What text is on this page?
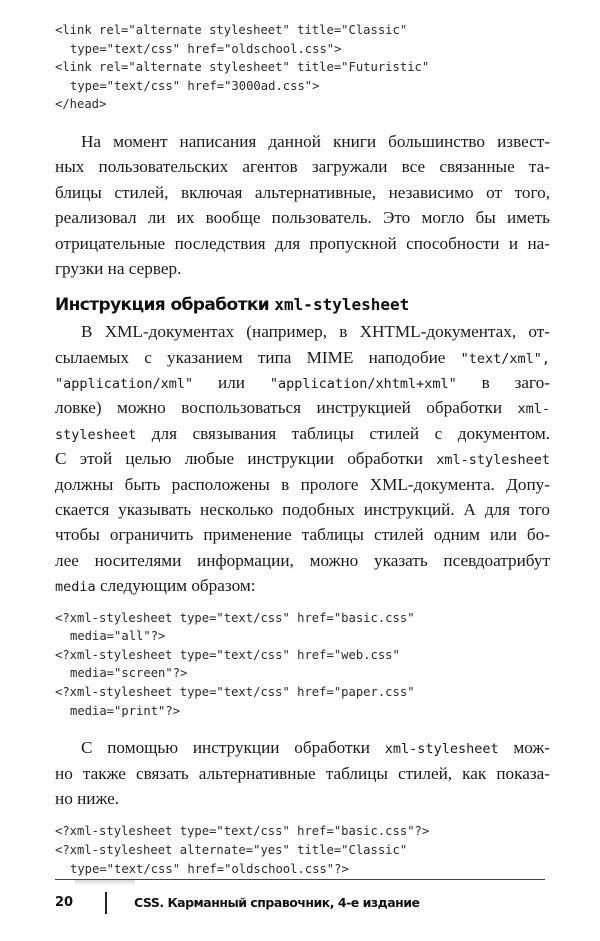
<link rel="alternate stylesheet" title="Classic"
type="text/css" href="oldschool.css">
<link rel="alternate stylesheet" title="Futuristic"
type="text/css" href="3000ad.css">
</head>
На момент написания данной книги большинство извест-
ных пользовательских агентов загружали все связанные та-
блицы стилей, включая альтернативные, независимо от того,
реализовал ли их вообще пользователь. Это могло бы иметь
отрицательные последствия для пропускной способности и на-
грузки на сервер.
Инструкция обработки xml-stylesheet
В XML-документах (например, в XHTML-документах, от-
сылаемых с указанием типа MIME наподобие "text/xml",
"application/xml" или "application/xhtml+xml" в заго-
ловке) можно воспользоваться инструкцией обработки xml-
stylesheet для связывания таблицы стилей с документом.
С этой целью любые инструкции обработки xml-stylesheet
должны быть расположены в прологе XML-документа. Допу-
скается указывать несколько подобных инструкций. А для того
чтобы ограничить применение таблицы стилей одним или бо-
лее носителями информации, можно указать псевдоатрибут
media следующим образом:
<?xml-stylesheet type="text/css" href="basic.css"
media="all"?>
<?xml-stylesheet type="text/css" href="web.css"
media="screen"?>
<?xml-stylesheet type="text/css" href="paper.css"
media="print"?>
С помощью инструкции обработки xml-stylesheet мож-
но также связать альтернативные таблицы стилей, как показа-
но ниже.
<?xml-stylesheet type="text/css" href="basic.css"?>
<?xml-stylesheet alternate="yes" title="Classic"
type="text/css" href="oldschool.css"?>
20	CSS. Карманный справочник, 4-е издание
